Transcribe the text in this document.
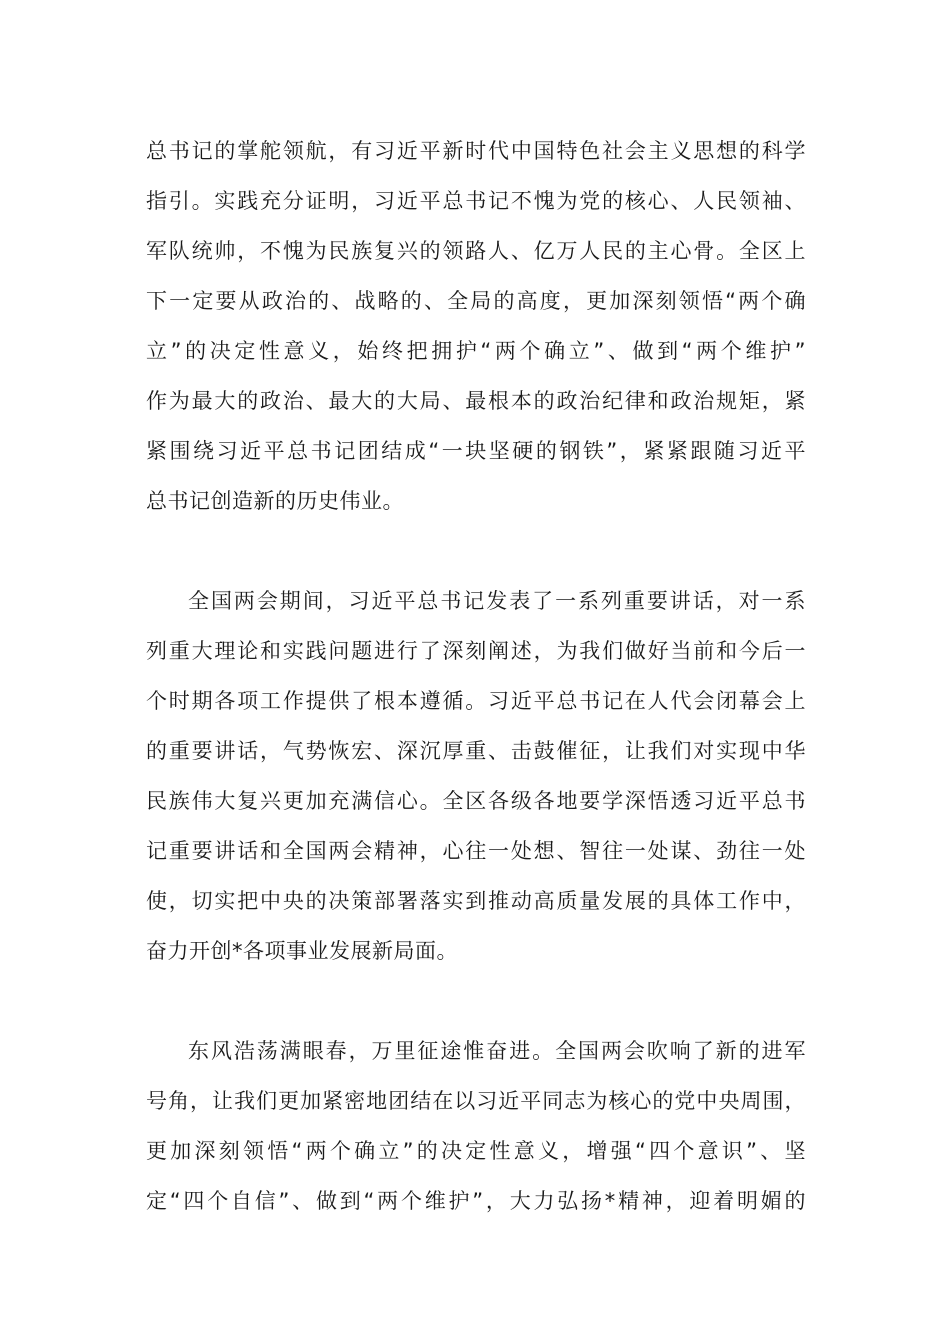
总书记的掌舵领航，有习近平新时代中国特色社会主义思想的科学
指引。实践充分证明，习近平总书记不愧为党的核心、人民领袖、
军队统帅，不愧为民族复兴的领路人、亿万人民的主心骨。全区上
下一定要从政治的、战略的、全局的高度，更加深刻领悟“两个确
立”的决定性意义，始终把拥护“两个确立”、做到“两个维护”
作为最大的政治、最大的大局、最根本的政治纪律和政治规矩，紧
紧围绕习近平总书记团结成“一块坚硬的钢铁”，紧紧跟随习近平
总书记创造新的历史伟业。
全国两会期间，习近平总书记发表了一系列重要讲话，对一系
列重大理论和实践问题进行了深刻阐述，为我们做好当前和今后一
个时期各项工作提供了根本遵循。习近平总书记在人代会闭幕会上
的重要讲话，气势恢宏、深沉厚重、击鼓催征，让我们对实现中华
民族伟大复兴更加充满信心。全区各级各地要学深悟透习近平总书
记重要讲话和全国两会精神，心往一处想、智往一处谋、劲往一处
使，切实把中央的决策部署落实到推动高质量发展的具体工作中，
奋力开创*各项事业发展新局面。
东风浩荡满眼春，万里征途惟奋进。全国两会吹响了新的进军
号角，让我们更加紧密地团结在以习近平同志为核心的党中央周围，
更加深刻领悟“两个确立”的决定性意义，增强“四个意识”、坚
定“四个自信”、做到“两个维护”，大力弘扬*精神，迎着明媚的
